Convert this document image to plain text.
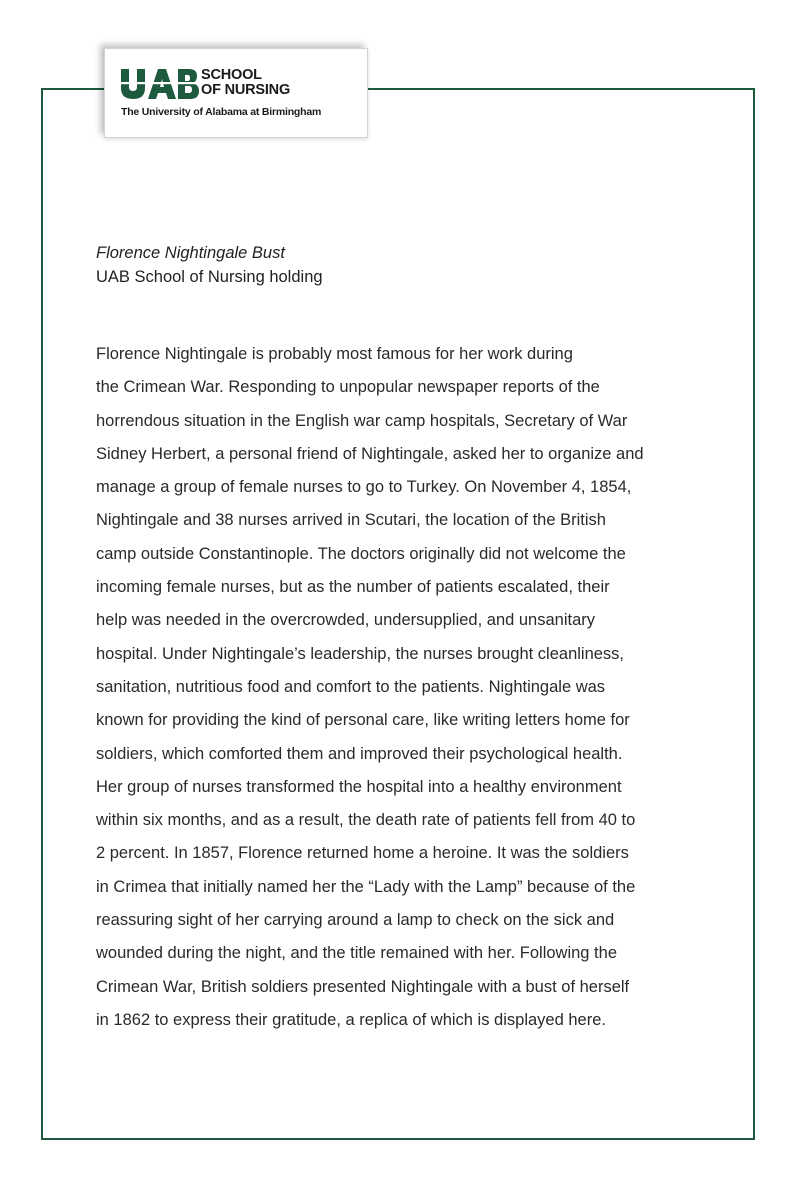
SCHOOL
OF NURSING
The University of Alabama at Birmingham
Florence Nightingale Bust
UAB School of Nursing holding
Florence Nightingale is probably most famous for her work during
the Crimean War. Responding to unpopular newspaper reports of the
horrendous situation in the English war camp hospitals, Secretary of War
Sidney Herbert, a personal friend of Nightingale, asked her to organize and
manage a group of female nurses to go to Turkey. On November 4, 1854,
Nightingale and 38 nurses arrived in Scutari, the location of the British
camp outside Constantinople. The doctors originally did not welcome the
incoming female nurses, but as the number of patients escalated, their
help was needed in the overcrowded, undersupplied, and unsanitary
hospital. Under Nightingale’s leadership, the nurses brought cleanliness,
sanitation, nutritious food and comfort to the patients. Nightingale was
known for providing the kind of personal care, like writing letters home for
soldiers, which comforted them and improved their psychological health.
Her group of nurses transformed the hospital into a healthy environment
within six months, and as a result, the death rate of patients fell from 40 to
2 percent. In 1857, Florence returned home a heroine. It was the soldiers
in Crimea that initially named her the “Lady with the Lamp” because of the
reassuring sight of her carrying around a lamp to check on the sick and
wounded during the night, and the title remained with her. Following the
Crimean War, British soldiers presented Nightingale with a bust of herself
in 1862 to express their gratitude, a replica of which is displayed here.
